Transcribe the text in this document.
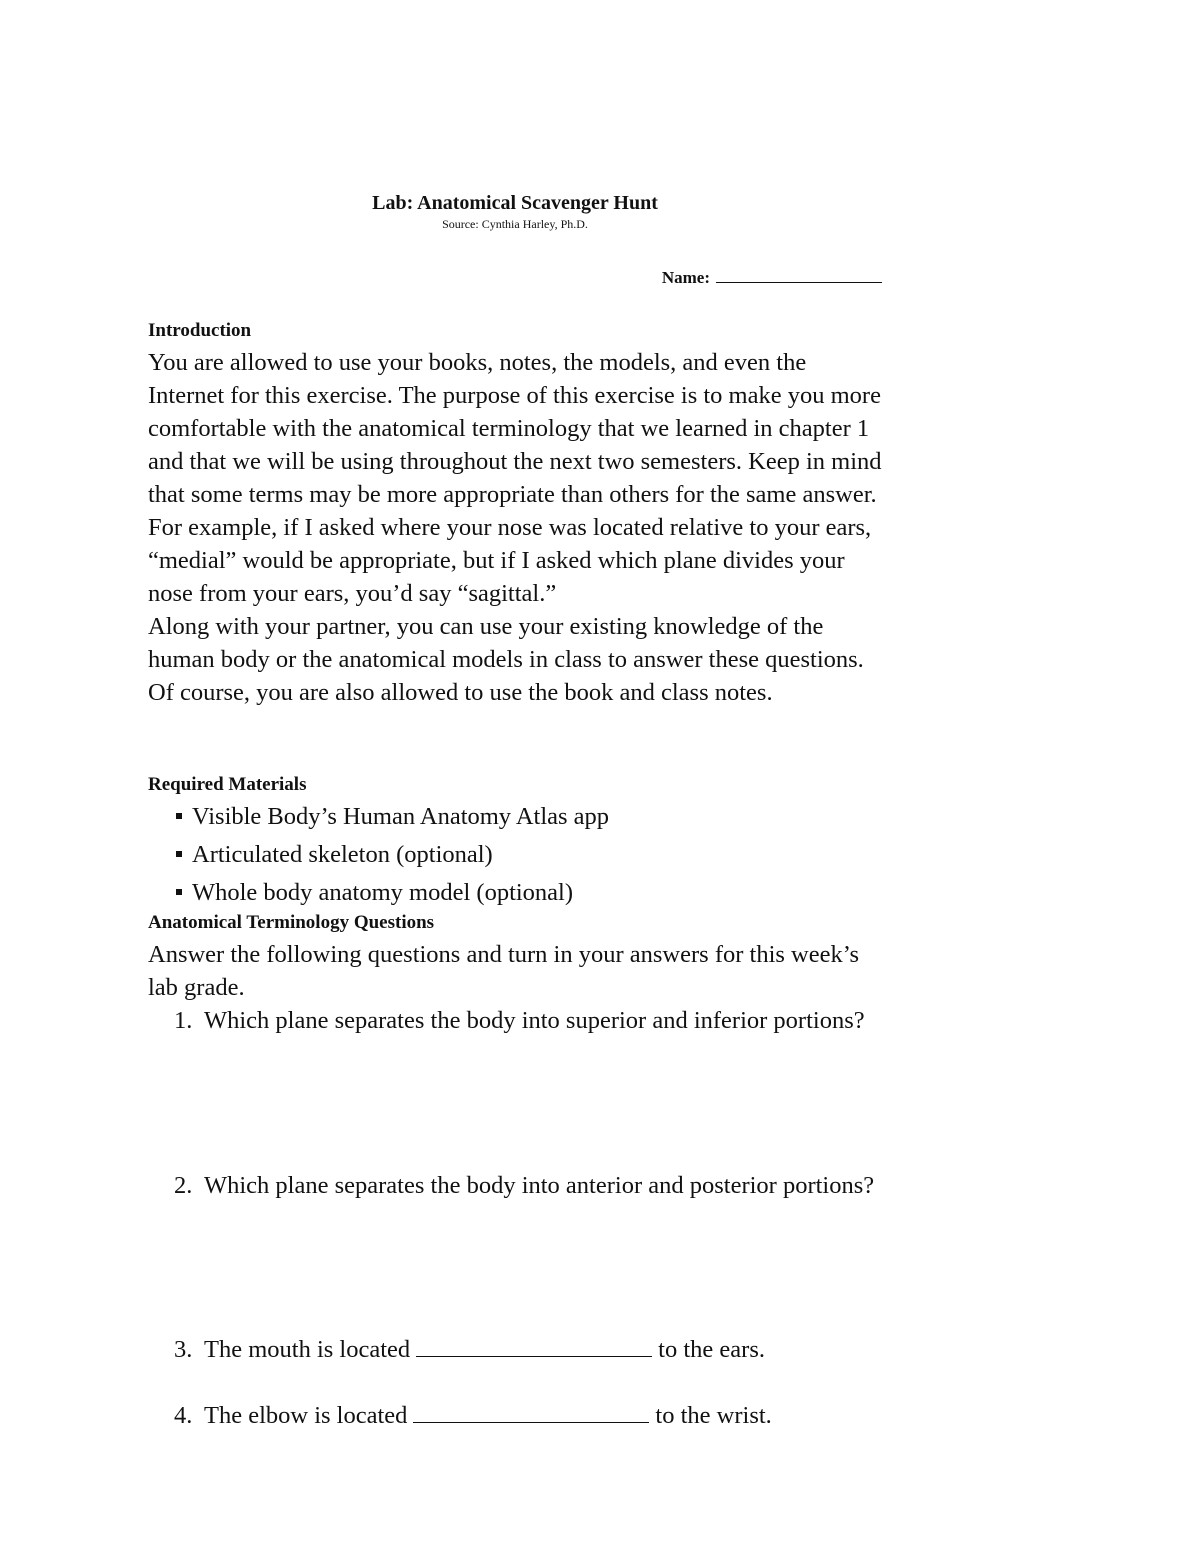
Lab: Anatomical Scavenger Hunt
Source: Cynthia Harley, Ph.D.
Name:
Introduction

You are allowed to use your books, notes, the models, and even the Internet for this exercise. The purpose of this exercise is to make you more comfortable with the anatomical terminology that we learned in chapter 1 and that we will be using throughout the next two semesters. Keep in mind that some terms may be more appropriate than others for the same answer. For example, if I asked where your nose was located relative to your ears, “medial” would be appropriate, but if I asked which plane divides your nose from your ears, you’d say “sagittal.”

Along with your partner, you can use your existing knowledge of the human body or the anatomical models in class to answer these questions. Of course, you are also allowed to use the book and class notes.

Required Materials
Visible Body’s Human Anatomy Atlas app
Articulated skeleton (optional)
Whole body anatomy model (optional)
Anatomical Terminology Questions
Answer the following questions and turn in your answers for this week’s lab grade.
1. Which plane separates the body into superior and inferior portions?
2. Which plane separates the body into anterior and posterior portions?
3. The mouth is located	to the ears.
4. The elbow is located	to the wrist.
